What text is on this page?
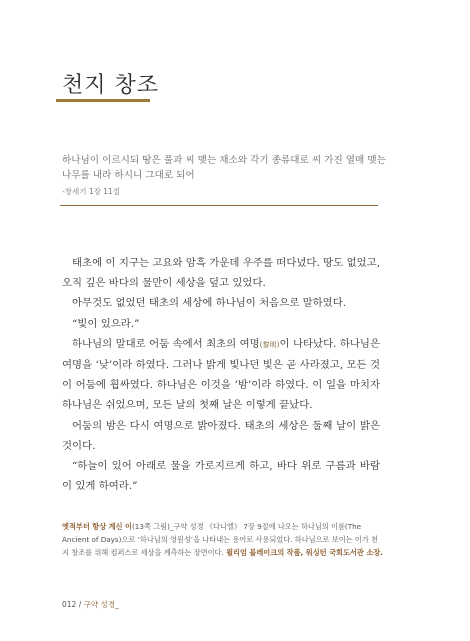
천지 창조
하나님이 이르시되 땅은 풀과 씨 맺는 채소와 각기 종류대로 씨 가진 열매 맺는 나무를 내라 하시니 그대로 되어
-창세기 1장 11절

태초에 이 지구는 고요와 암흑 가운데 우주를 떠다녔다. 땅도 없었고, 오직 깊은 바다의 물만이 세상을 덮고 있었다.

아무것도 없었던 태초의 세상에 하나님이 처음으로 말하였다.

“빛이 있으라.”

하나님의 말대로 어둠 속에서 최초의 여명(黎明)이 나타났다. 하나님은 여명을 ‘낮’이라 하였다. 그러나 밝게 빛나던 빛은 곧 사라졌고, 모든 것이 어둠에 휩싸였다. 하나님은 이것을 ‘밤’이라 하였다. 이 일을 마치자 하나님은 쉬었으며, 모든 날의 첫째 날은 이렇게 끝났다.

어둠의 밤은 다시 여명으로 밝아졌다. 태초의 세상은 둘째 날이 밝은 것이다.

“하늘이 있어 아래로 물을 가로지르게 하고, 바다 위로 구름과 바람이 있게 하여라.”

옛적부터 항상 계신 이(13쪽 그림)_구약 성경 《다니엘》 7장 9절에 나오는 하나님의 이름(The Ancient of Days)으로 ‘하나님의 영원성’을 나타내는 용어로 사용되었다. 하나님으로 보이는 이가 천지 창조를 위해 컴퍼스로 세상을 계측하는 장면이다. 윌리엄 블레이크의 작품, 워싱턴 국회도서관 소장.
012 / 구약 성경_
